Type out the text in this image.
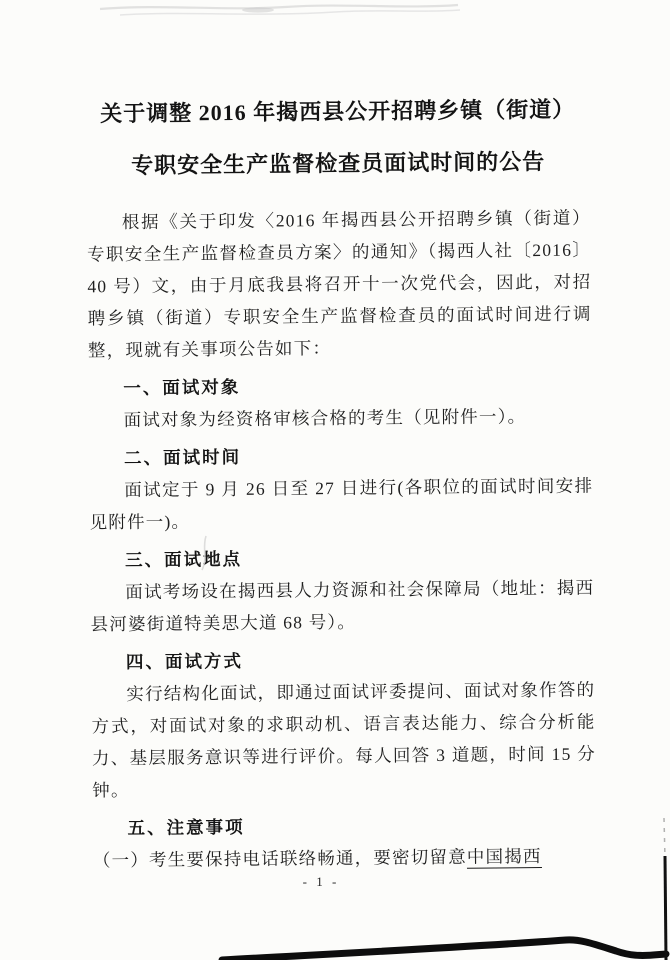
关于调整 2016 年揭西县公开招聘乡镇（街道）
专职安全生产监督检查员面试时间的公告

根据《关于印发〈2016 年揭西县公开招聘乡镇（街道）专职安全生产监督检查员方案〉的通知》（揭西人社〔2016〕40 号）文，由于月底我县将召开十一次党代会，因此，对招聘乡镇（街道）专职安全生产监督检查员的面试时间进行调整，现就有关事项公告如下：

一、面试对象

面试对象为经资格审核合格的考生（见附件一）。

二、面试时间

面试定于 9 月 26 日至 27 日进行(各职位的面试时间安排见附件一)。

三、面试地点

面试考场设在揭西县人力资源和社会保障局（地址：揭西县河婆街道特美思大道 68 号）。

四、面试方式

实行结构化面试，即通过面试评委提问、面试对象作答的方式，对面试对象的求职动机、语言表达能力、综合分析能力、基层服务意识等进行评价。每人回答 3 道题，时间 15 分钟。

五、注意事项

（一）考生要保持电话联络畅通，要密切留意中国揭西

- 1 -
